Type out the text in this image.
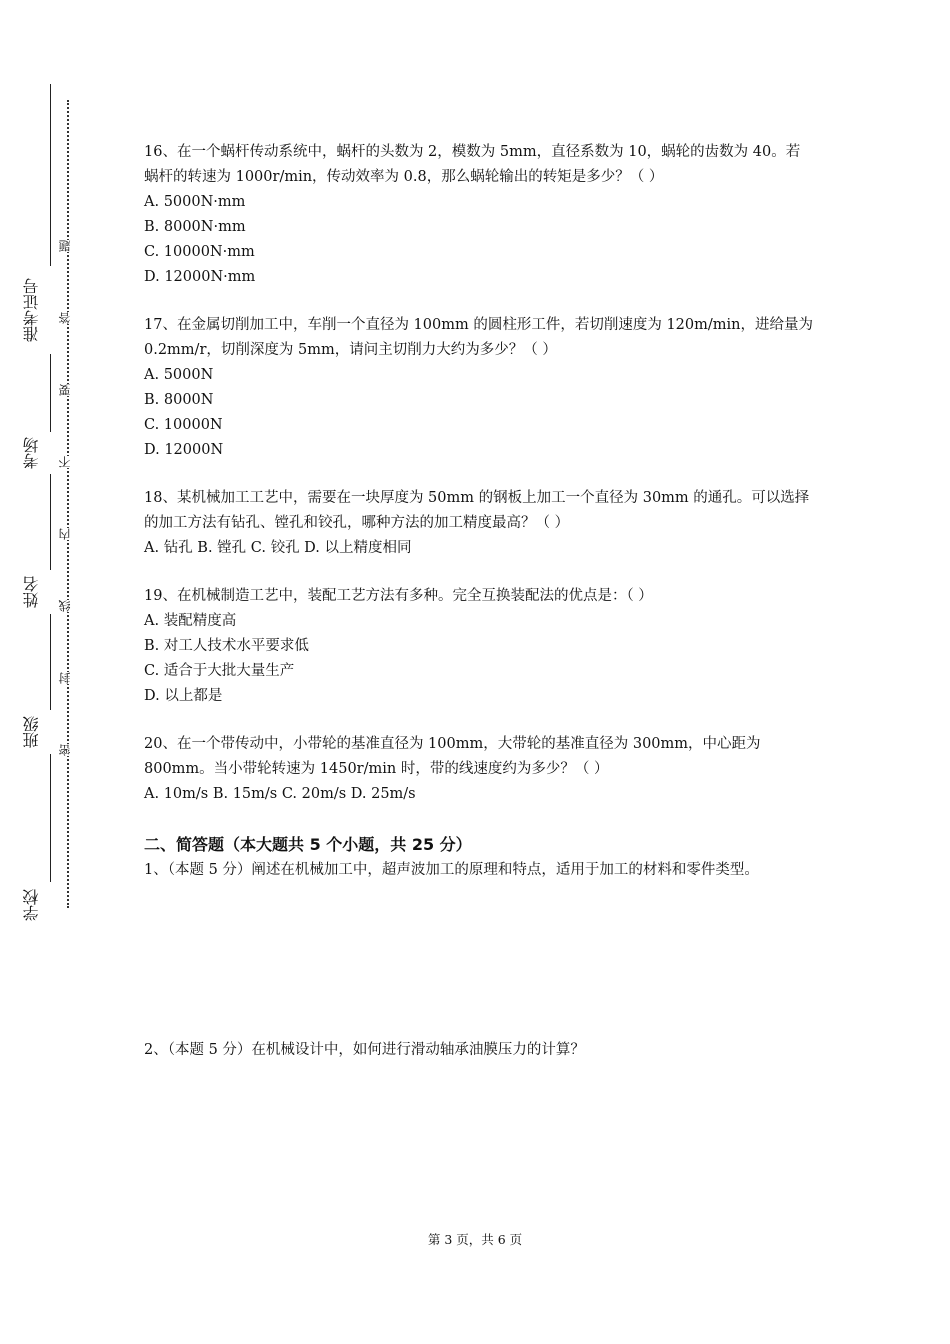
准考证号
考场
姓名
班级
学校
题
答
要
不
内
线
封
密

16、在一个蜗杆传动系统中，蜗杆的头数为 2，模数为 5mm，直径系数为 10，蜗轮的齿数为 40。若蜗杆的转速为 1000r/min，传动效率为 0.8，那么蜗轮输出的转矩是多少？（ ）

A. 5000N·mm

B. 8000N·mm

C. 10000N·mm

D. 12000N·mm

17、在金属切削加工中，车削一个直径为 100mm 的圆柱形工件，若切削速度为 120m/min，进给量为 0.2mm/r，切削深度为 5mm，请问主切削力大约为多少？（ ）

A. 5000N

B. 8000N

C. 10000N

D. 12000N

18、某机械加工工艺中，需要在一块厚度为 50mm 的钢板上加工一个直径为 30mm 的通孔。可以选择的加工方法有钻孔、镗孔和铰孔，哪种方法的加工精度最高？（ ）

A. 钻孔 B. 镗孔 C. 铰孔 D. 以上精度相同

19、在机械制造工艺中，装配工艺方法有多种。完全互换装配法的优点是：（ ）

A. 装配精度高

B. 对工人技术水平要求低

C. 适合于大批大量生产

D. 以上都是

20、在一个带传动中，小带轮的基准直径为 100mm，大带轮的基准直径为 300mm，中心距为 800mm。当小带轮转速为 1450r/min 时，带的线速度约为多少？（ ）

A. 10m/s B. 15m/s C. 20m/s D. 25m/s

二、简答题（本大题共 5 个小题，共 25 分）

1、（本题 5 分）阐述在机械加工中，超声波加工的原理和特点，适用于加工的材料和零件类型。

2、（本题 5 分）在机械设计中，如何进行滑动轴承油膜压力的计算？

第 3 页，共 6 页
